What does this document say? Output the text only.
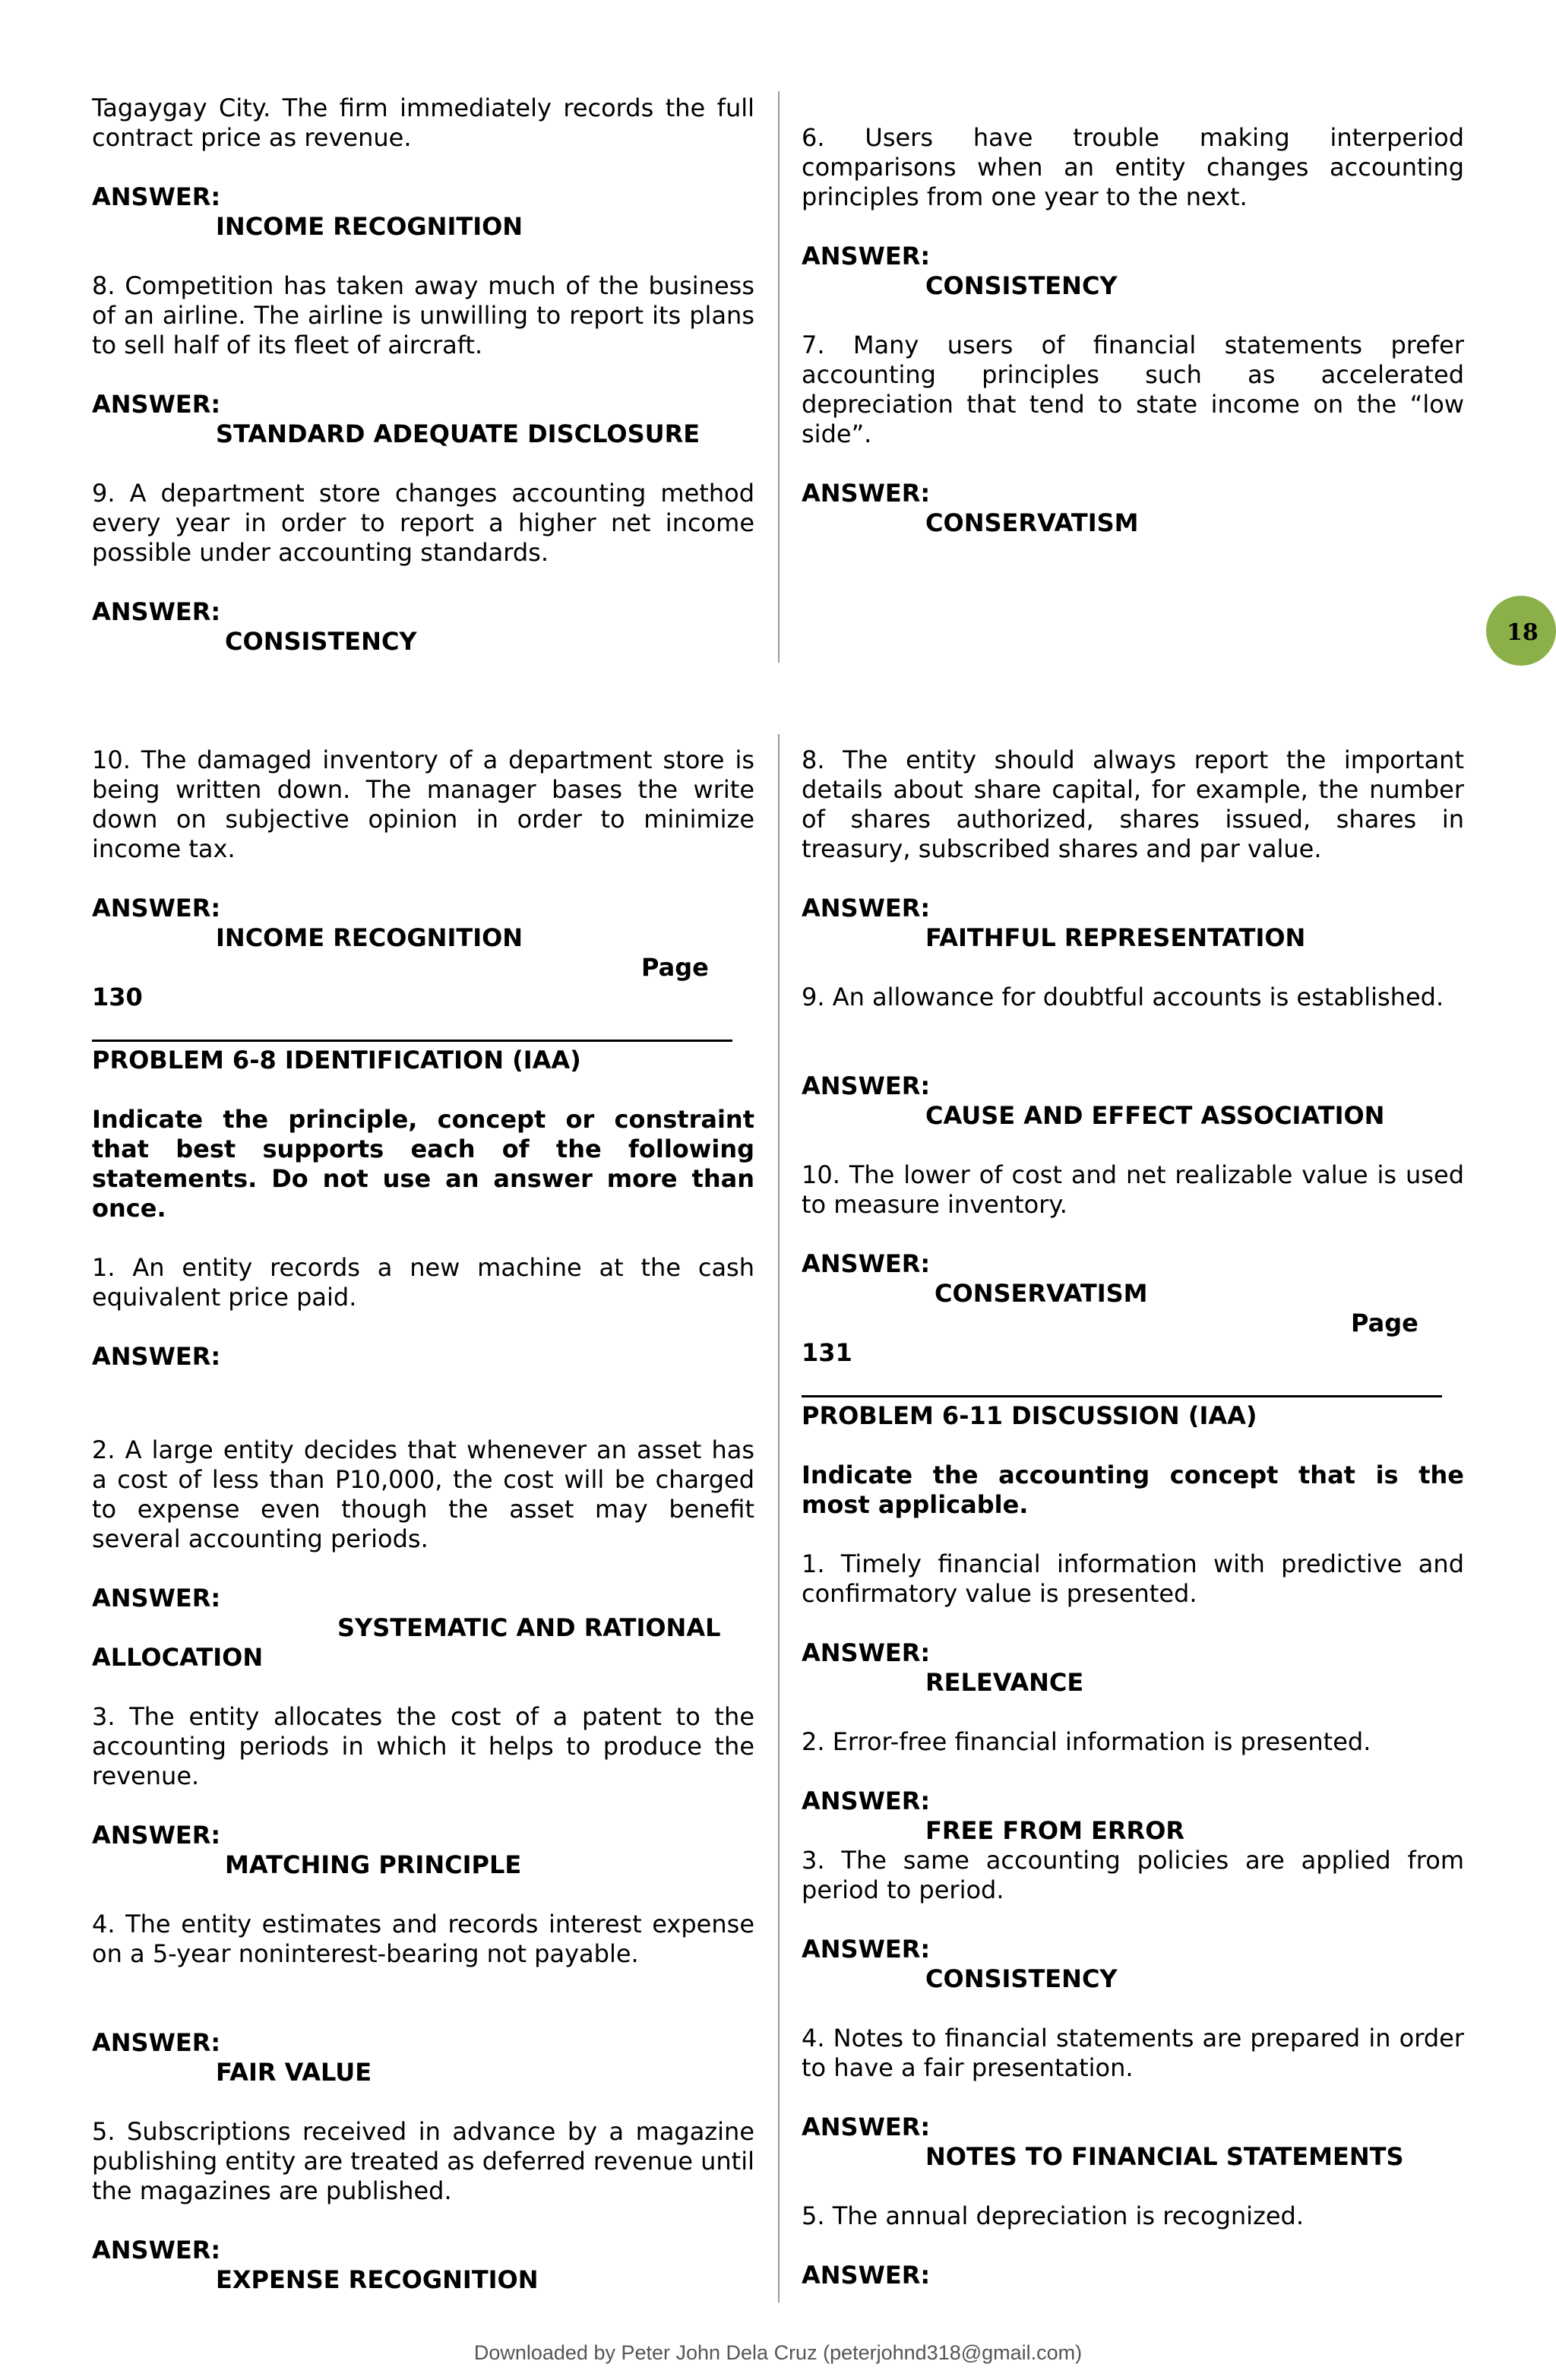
18
Tagaygay City. The firm immediately records the full contract price as revenue.
ANSWER:
INCOME RECOGNITION
8. Competition has taken away much of the business of an airline. The airline is unwilling to report its plans to sell half of its fleet of aircraft.
ANSWER:
STANDARD ADEQUATE DISCLOSURE
9. A department store changes accounting method every year in order to report a higher net income possible under accounting standards.
ANSWER:
CONSISTENCY
6. Users have trouble making interperiod comparisons when an entity changes accounting principles from one year to the next.
ANSWER:
CONSISTENCY
7. Many users of financial statements prefer accounting principles such as accelerated depreciation that tend to state income on the “low side”.
ANSWER:
CONSERVATISM
10. The damaged inventory of a department store is being written down. The manager bases the write down on subjective opinion in order to minimize income tax.
ANSWER:
INCOME RECOGNITION
Page
130
PROBLEM 6-8 IDENTIFICATION (IAA)
Indicate the principle, concept or constraint that best supports each of the following statements. Do not use an answer more than once.
1. An entity records a new machine at the cash equivalent price paid.
ANSWER:
2. A large entity decides that whenever an asset has a cost of less than P10,000, the cost will be charged to expense even though the asset may benefit several accounting periods.
ANSWER:
SYSTEMATIC AND RATIONAL
ALLOCATION
3. The entity allocates the cost of a patent to the accounting periods in which it helps to produce the revenue.
ANSWER:
MATCHING PRINCIPLE
4. The entity estimates and records interest expense on a 5-year noninterest-bearing not payable.
ANSWER:
FAIR VALUE
5. Subscriptions received in advance by a magazine publishing entity are treated as deferred revenue until the magazines are published.
ANSWER:
EXPENSE RECOGNITION
8. The entity should always report the important details about share capital, for example, the number of shares authorized, shares issued, shares in treasury, subscribed shares and par value.
ANSWER:
FAITHFUL REPRESENTATION
9. An allowance for doubtful accounts is established.
ANSWER:
CAUSE AND EFFECT ASSOCIATION
10. The lower of cost and net realizable value is used to measure inventory.
ANSWER:
CONSERVATISM
Page
131
PROBLEM 6-11 DISCUSSION (IAA)
Indicate the accounting concept that is the most applicable.
1. Timely financial information with predictive and confirmatory value is presented.
ANSWER:
RELEVANCE
2. Error-free financial information is presented.
ANSWER:
FREE FROM ERROR
3. The same accounting policies are applied from period to period.
ANSWER:
CONSISTENCY
4. Notes to financial statements are prepared in order to have a fair presentation.
ANSWER:
NOTES TO FINANCIAL STATEMENTS
5. The annual depreciation is recognized.
ANSWER:
Downloaded by Peter John Dela Cruz (peterjohnd318@gmail.com)
